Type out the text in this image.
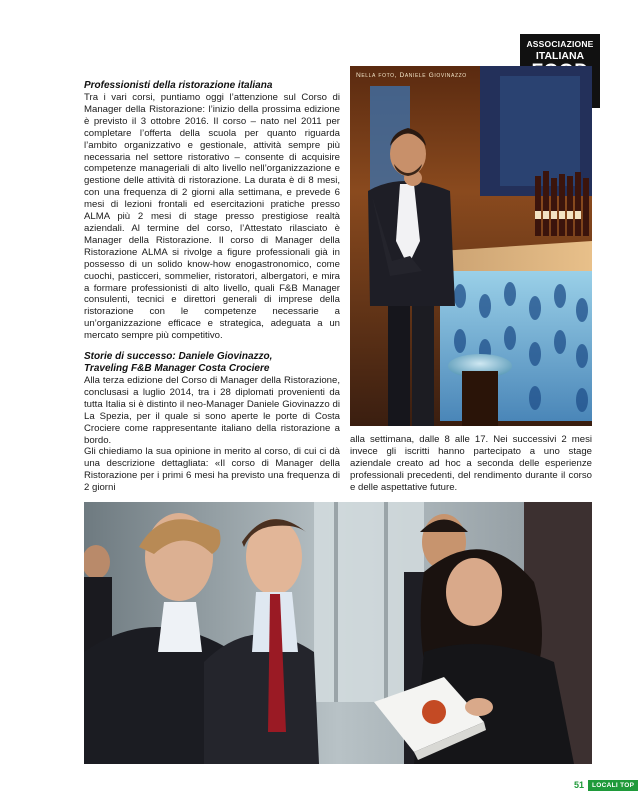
ASSOCIAZIONE
ITALIANA
Professionisti della ristorazione italiana

Tra i vari corsi, puntiamo oggi l’attenzione sul Corso di Manager della Ristorazione: l’inizio della prossima edizione è previsto il 3 ottobre 2016. Il corso – nato nel 2011 per completare l’offerta della scuola per quanto riguarda l’ambito organizzativo e gestionale, attività sempre più necessaria nel settore ristorativo – consente di acquisire competenze manageriali di alto livello nell’organizzazione e gestione delle attività di ristorazione. La durata è di 8 mesi, con una frequenza di 2 giorni alla settimana, e prevede 6 mesi di lezioni frontali ed esercitazioni pratiche presso ALMA più 2 mesi di stage presso prestigiose realtà aziendali. Al termine del corso, l’Attestato rilasciato è Manager della Ristorazione. Il corso di Manager della Ristorazione ALMA si rivolge a figure professionali già in possesso di un solido know-how enogastronomico, come cuochi, pasticceri, sommelier, ristoratori, albergatori, e mira a formare professionisti di alto livello, quali F&B Manager consulenti, tecnici e direttori generali di imprese della ristorazione con le competenze necessarie a un’organizzazione efficace e strategica, adeguata a un mercato sempre più competitivo.

Storie di successo: Daniele Giovinazzo,
Traveling F&B Manager Costa Crociere

Alla terza edizione del Corso di Manager della Ristorazione, conclusasi a luglio 2014, tra i 28 diplomati provenienti da tutta Italia si è distinto il neo-Manager Daniele Giovinazzo di La Spezia, per il quale si sono aperte le porte di Costa Crociere come rappresentante italiano della ristorazione a bordo.

Gli chiediamo la sua opinione in merito al corso, di cui ci dà una descrizione dettagliata: «Il corso di Manager della Ristorazione per i primi 6 mesi ha previsto una frequenza di 2 giorni

Nella foto, Daniele Giovinazzo

alla settimana, dalle 8 alle 17. Nei successivi 2 mesi invece gli iscritti hanno partecipato a uno stage aziendale creato ad hoc a seconda delle esperienze professionali precedenti, del rendimento durante il corso e delle aspettative future.

51	LOCALI TOP
